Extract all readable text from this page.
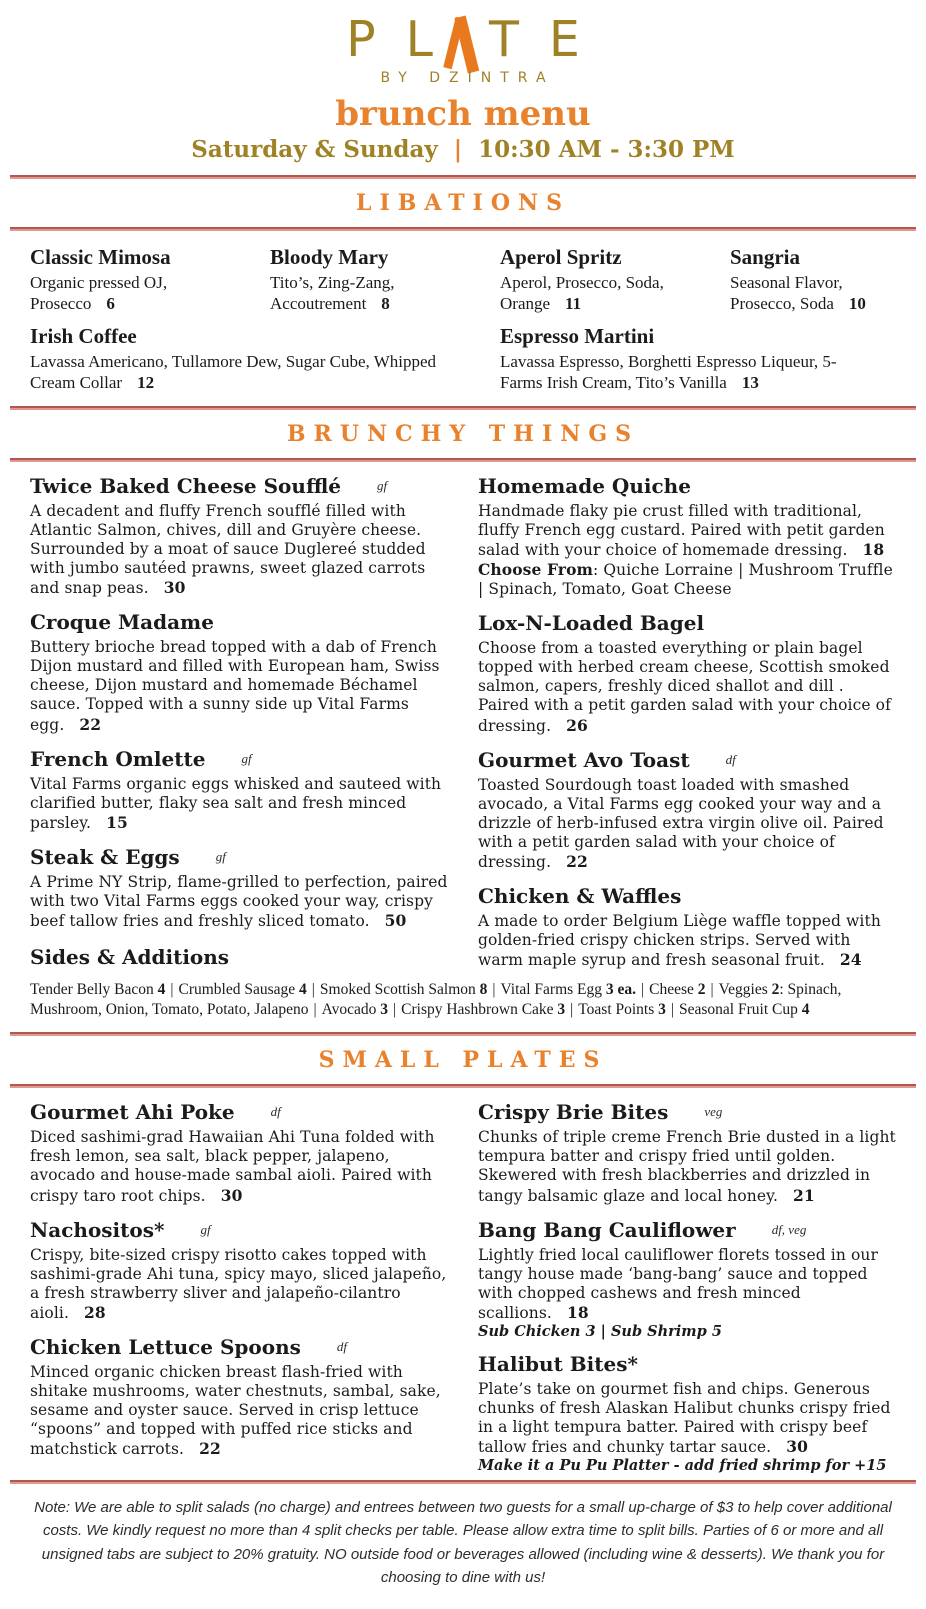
PL TE
BY DZINTRA
brunch menu
Saturday & Sunday | 10:30 AM - 3:30 PM
LIBATIONS
Classic Mimosa

Organic pressed OJ, Prosecco 6

Bloody Mary

Tito’s, Zing-Zang, Accoutrement 8

Aperol Spritz

Aperol, Prosecco, Soda, Orange 11

Sangria

Seasonal Flavor, Prosecco, Soda 10

Irish Coffee

Lavassa Americano, Tullamore Dew, Sugar Cube, Whipped Cream Collar 12

Espresso Martini

Lavassa Espresso, Borghetti Espresso Liqueur, 5-Farms Irish Cream, Tito’s Vanilla 13

BRUNCHY THINGS
Twice Baked Cheese Soufflé	gf

A decadent and fluffy French soufflé filled with Atlantic Salmon, chives, dill and Gruyère cheese. Surrounded by a moat of sauce Duglereé studded with jumbo sautéed prawns, sweet glazed carrots and snap peas. 30

Croque Madame

Buttery brioche bread topped with a dab of French Dijon mustard and filled with European ham, Swiss cheese, Dijon mustard and homemade Béchamel sauce. Topped with a sunny side up Vital Farms egg. 22

French Omlette	gf

Vital Farms organic eggs whisked and sauteed with clarified butter, flaky sea salt and fresh minced parsley. 15

Steak & Eggs	gf

A Prime NY Strip, flame-grilled to perfection, paired with two Vital Farms eggs cooked your way, crispy beef tallow fries and freshly sliced tomato. 50

Sides & Additions
Homemade Quiche

Handmade flaky pie crust filled with traditional, fluffy French egg custard. Paired with petit garden salad with your choice of homemade dressing. 18

Choose From: Quiche Lorraine | Mushroom Truffle | Spinach, Tomato, Goat Cheese

Lox-N-Loaded Bagel

Choose from a toasted everything or plain bagel topped with herbed cream cheese, Scottish smoked salmon, capers, freshly diced shallot and dill . Paired with a petit garden salad with your choice of dressing. 26

Gourmet Avo Toast	df

Toasted Sourdough toast loaded with smashed avocado, a Vital Farms egg cooked your way and a drizzle of herb-infused extra virgin olive oil. Paired with a petit garden salad with your choice of dressing. 22

Chicken & Waffles

A made to order Belgium Liège waffle topped with golden-fried crispy chicken strips. Served with warm maple syrup and fresh seasonal fruit. 24

Tender Belly Bacon 4 | Crumbled Sausage 4 | Smoked Scottish Salmon 8 | Vital Farms Egg 3 ea. | Cheese 2 | Veggies 2: Spinach, Mushroom, Onion, Tomato, Potato, Jalapeno | Avocado 3 | Crispy Hashbrown Cake 3 | Toast Points 3 | Seasonal Fruit Cup 4

SMALL PLATES
Gourmet Ahi Poke	df

Diced sashimi-grad Hawaiian Ahi Tuna folded with fresh lemon, sea salt, black pepper, jalapeno, avocado and house-made sambal aioli. Paired with crispy taro root chips. 30

Nachositos*	gf

Crispy, bite-sized crispy risotto cakes topped with sashimi-grade Ahi tuna, spicy mayo, sliced jalapeño, a fresh strawberry sliver and jalapeño-cilantro aioli. 28

Chicken Lettuce Spoons	df

Minced organic chicken breast flash-fried with shitake mushrooms, water chestnuts, sambal, sake, sesame and oyster sauce. Served in crisp lettuce “spoons” and topped with puffed rice sticks and matchstick carrots. 22

Crispy Brie Bites	veg

Chunks of triple creme French Brie dusted in a light tempura batter and crispy fried until golden. Skewered with fresh blackberries and drizzled in tangy balsamic glaze and local honey. 21

Bang Bang Cauliflower	df, veg

Lightly fried local cauliflower florets tossed in our tangy house made ‘bang-bang’ sauce and topped with chopped cashews and fresh minced scallions. 18

Sub Chicken 3 | Sub Shrimp 5

Halibut Bites*

Plate’s take on gourmet fish and chips. Generous chunks of fresh Alaskan Halibut chunks crispy fried in a light tempura batter. Paired with crispy beef tallow fries and chunky tartar sauce. 30

Make it a Pu Pu Platter - add fried shrimp for +15

Note: We are able to split salads (no charge) and entrees between two guests for a small up-charge of $3 to help cover additional costs. We kindly request no more than 4 split checks per table. Please allow extra time to split bills. Parties of 6 or more and all unsigned tabs are subject to 20% gratuity. NO outside food or beverages allowed (including wine & desserts). We thank you for choosing to dine with us!
